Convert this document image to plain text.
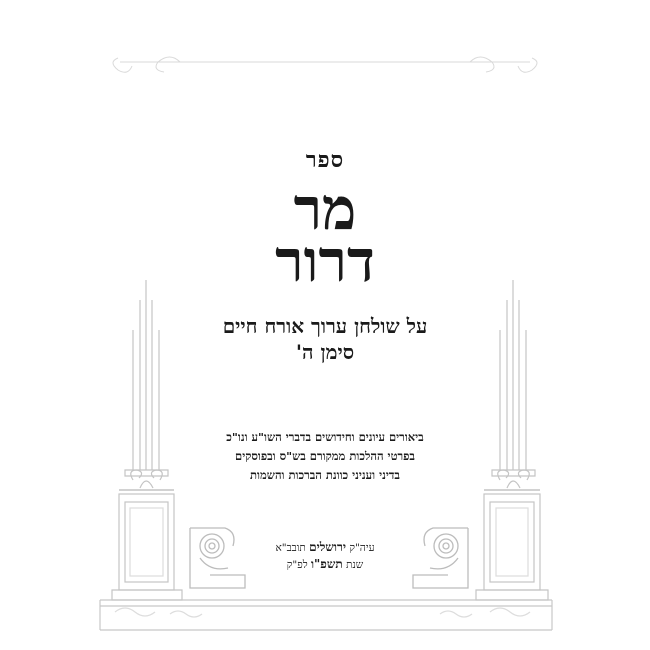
ספר
מר
דרור
על שולחן ערוך אורח חיים
סימן ה'
ביאורים עיונים וחידושים בדברי השו"ע ונו"כ
בפרטי ההלכות ממקורם בש"ס ובפוסקים
בדיני ועניני כוונת הברכות והשמות
עיה"ק ירושלים תובב"א
שנת תשפ"ו לפ"ק
